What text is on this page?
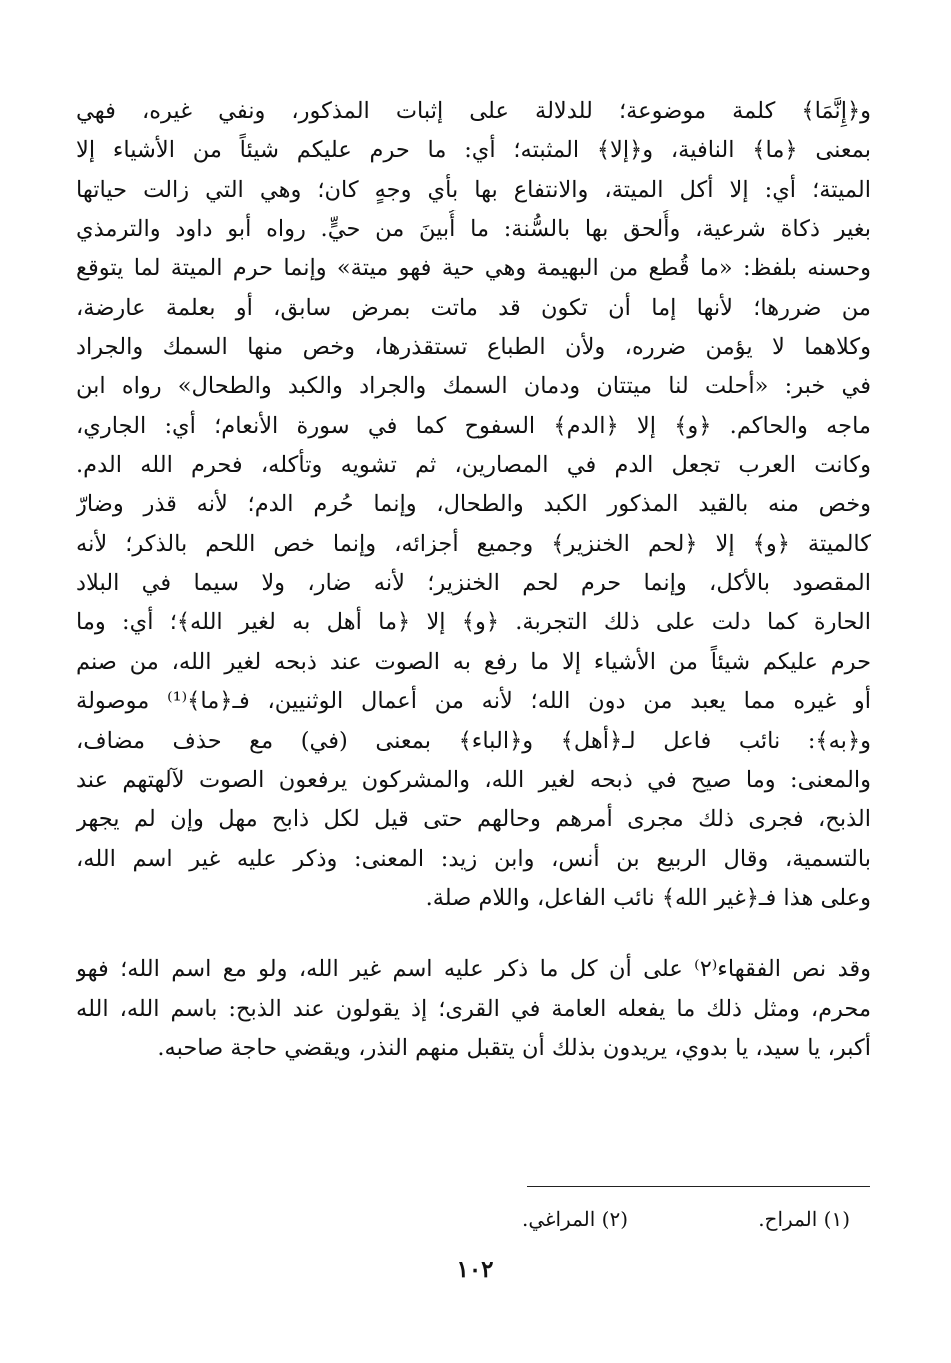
و﴿إِنَّمَا﴾ كلمة موضوعة؛ للدلالة على إثبات المذكور، ونفي غيره، فهي
بمعنى ﴿ما﴾ النافية، و﴿إلا﴾ المثبته؛ أي: ما حرم عليكم شيئاً من الأشياء إلا
الميتة؛ أي: إلا أكل الميتة، والانتفاع بها بأي وجهٍ كان؛ وهي التي زالت حياتها
بغير ذكاة شرعية، وأُلحق بها بالسُّنة: ما أُبينَ من حيٍّ. رواه أبو داود والترمذي
وحسنه بلفظ: «ما قُطع من البهيمة وهي حية فهو ميتة» وإنما حرم الميتة لما يتوقع
من ضررها؛ لأنها إما أن تكون قد ماتت بمرض سابق، أو بعلمة عارضة،
وكلاهما لا يؤمن ضرره، ولأن الطباع تستقذرها، وخص منها السمك والجراد
في خبر: «أحلت لنا ميتتان ودمان السمك والجراد والكبد والطحال» رواه ابن
ماجه والحاكم. ﴿و﴾ إلا ﴿الدم﴾ السفوح كما في سورة الأنعام؛ أي: الجاري،
وكانت العرب تجعل الدم في المصارين، ثم تشويه وتأكله، فحرم الله الدم.
وخص منه بالقيد المذكور الكبد والطحال، وإنما حُرم الدم؛ لأنه قذر وضارّ
كالميتة ﴿و﴾ إلا ﴿لحم الخنزير﴾ وجميع أجزائه، وإنما خص اللحم بالذكر؛ لأنه
المقصود بالأكل، وإنما حرم لحم الخنزير؛ لأنه ضار، ولا سيما في البلاد
الحارة كما دلت على ذلك التجربة. ﴿و﴾ إلا ﴿ما أهل به لغير الله﴾؛ أي: وما
حرم عليكم شيئاً من الأشياء إلا ما رفع به الصوت عند ذبحه لغير الله، من صنم
أو غيره مما يعبد من دون الله؛ لأنه من أعمال الوثنيين، فـ﴿ما﴾⁽¹⁾ موصولة
و﴿به﴾: نائب فاعل لـ﴿أهل﴾ و﴿الباء﴾ بمعنى (في) مع حذف مضاف،
والمعنى: وما صيح في ذبحه لغير الله، والمشركون يرفعون الصوت لآلهتهم عند
الذبح، فجرى ذلك مجرى أمرهم وحالهم حتى قيل لكل ذابح مهل وإن لم يجهر
بالتسمية، وقال الربيع بن أنس، وابن زيد: المعنى: وذكر عليه غير اسم الله،
وعلى هذا فـ﴿غير الله﴾ نائب الفاعل، واللام صلة.
وقد نص الفقهاء⁽٢⁾ على أن كل ما ذكر عليه اسم غير الله، ولو مع اسم الله؛ فهو
محرم، ومثل ذلك ما يفعله العامة في القرى؛ إذ يقولون عند الذبح: باسم الله، الله
أكبر، يا سيد، يا بدوي، يريدون بذلك أن يتقبل منهم النذر، ويقضي حاجة صاحبه.
(١) المراح.
(٢) المراغي.
١٠٢
